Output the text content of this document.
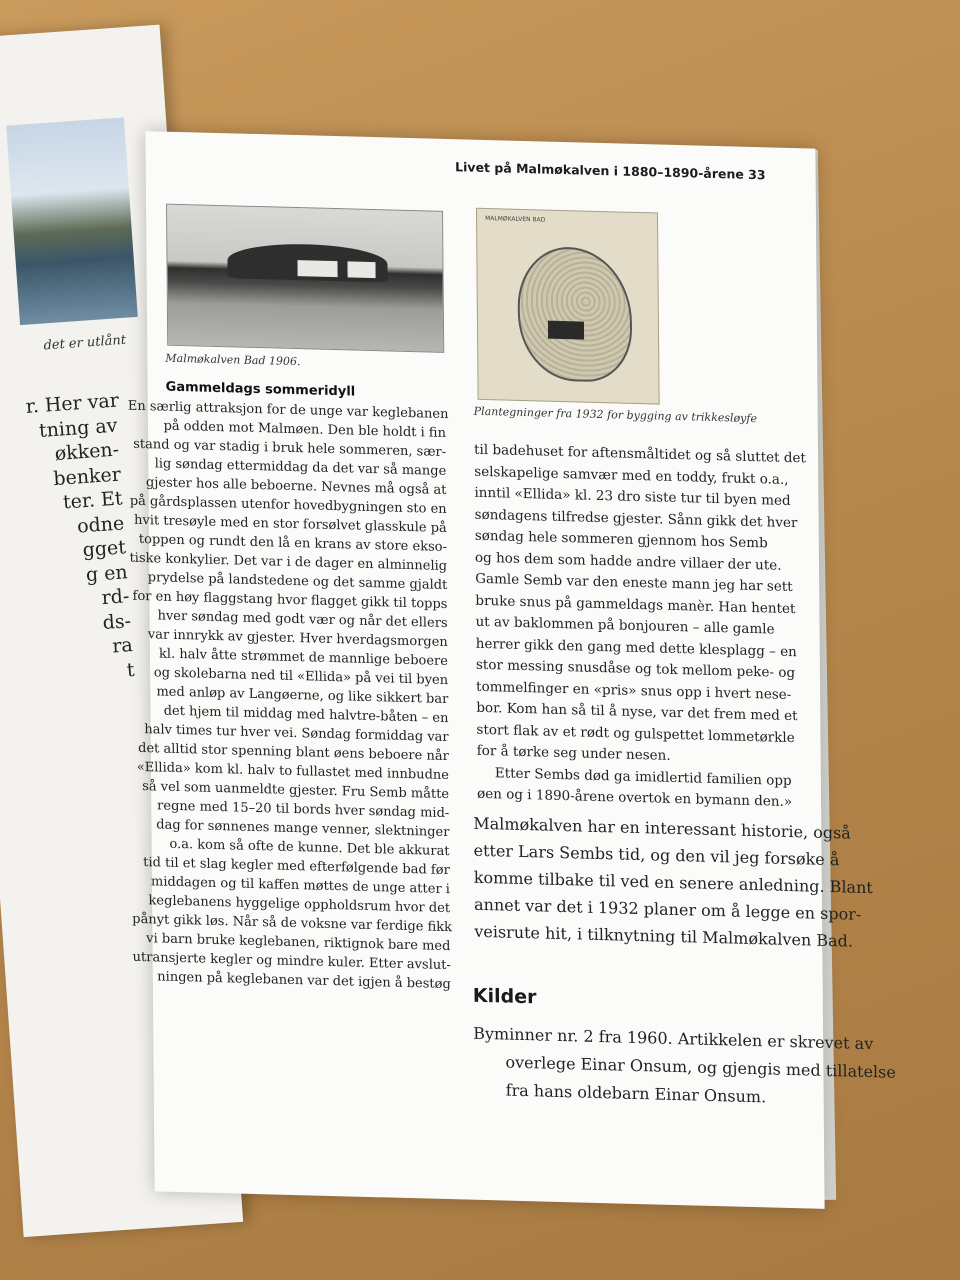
det er utlånt
r. Her var
tning av
økken-
benker
ter. Et
odne
gget
g en
rd-
ds-
ra
t
Livet på Malmøkalven i 1880–1890-årene 33
Malmøkalven Bad 1906.
MALMØKALVEN BAD
Plantegninger fra 1932 for bygging av trikkesløyfe
Gammeldags sommeridyll
En særlig attraksjon for de unge var keglebanen
på odden mot Malmøen. Den ble holdt i fin
stand og var stadig i bruk hele sommeren, sær-
lig søndag ettermiddag da det var så mange
gjester hos alle beboerne. Nevnes må også at
på gårdsplassen utenfor hovedbygningen sto en
hvit tresøyle med en stor forsølvet glasskule på
toppen og rundt den lå en krans av store ekso-
tiske konkylier. Det var i de dager en alminnelig
prydelse på landstedene og det samme gjaldt
for en høy flaggstang hvor flagget gikk til topps
hver søndag med godt vær og når det ellers
var innrykk av gjester. Hver hverdagsmorgen
kl. halv åtte strømmet de mannlige beboere
og skolebarna ned til «Ellida» på vei til byen
med anløp av Langøerne, og like sikkert bar
det hjem til middag med halvtre-båten – en
halv times tur hver vei. Søndag formiddag var
det alltid stor spenning blant øens beboere når
«Ellida» kom kl. halv to fullastet med innbudne
så vel som uanmeldte gjester. Fru Semb måtte
regne med 15–20 til bords hver søndag mid-
dag for sønnenes mange venner, slektninger
o.a. kom så ofte de kunne. Det ble akkurat
tid til et slag kegler med efterfølgende bad før
middagen og til kaffen møttes de unge atter i
keglebanens hyggelige oppholdsrum hvor det
pånyt gikk løs. Når så de voksne var ferdige fikk
vi barn bruke keglebanen, riktignok bare med
utransjerte kegler og mindre kuler. Etter avslut-
ningen på keglebanen var det igjen å bestøg
til badehuset for aftensmåltidet og så sluttet det
selskapelige samvær med en toddy, frukt o.a.,
inntil «Ellida» kl. 23 dro siste tur til byen med
søndagens tilfredse gjester. Sånn gikk det hver
søndag hele sommeren gjennom hos Semb
og hos dem som hadde andre villaer der ute.
Gamle Semb var den eneste mann jeg har sett
bruke snus på gammeldags manèr. Han hentet
ut av baklommen på bonjouren – alle gamle
herrer gikk den gang med dette klesplagg – en
stor messing snusdåse og tok mellom peke- og
tommelfinger en «pris» snus opp i hvert nese-
bor. Kom han så til å nyse, var det frem med et
stort flak av et rødt og gulspettet lommetørkle
for å tørke seg under nesen.
Etter Sembs død ga imidlertid familien opp
øen og i 1890-årene overtok en bymann den.»
Malmøkalven har en interessant historie, også
etter Lars Sembs tid, og den vil jeg forsøke å
komme tilbake til ved en senere anledning. Blant
annet var det i 1932 planer om å legge en spor-
veisrute hit, i tilknytning til Malmøkalven Bad.
Kilder
Byminner nr. 2 fra 1960. Artikkelen er skrevet av
overlege Einar Onsum, og gjengis med tillatelse
fra hans oldebarn Einar Onsum.
